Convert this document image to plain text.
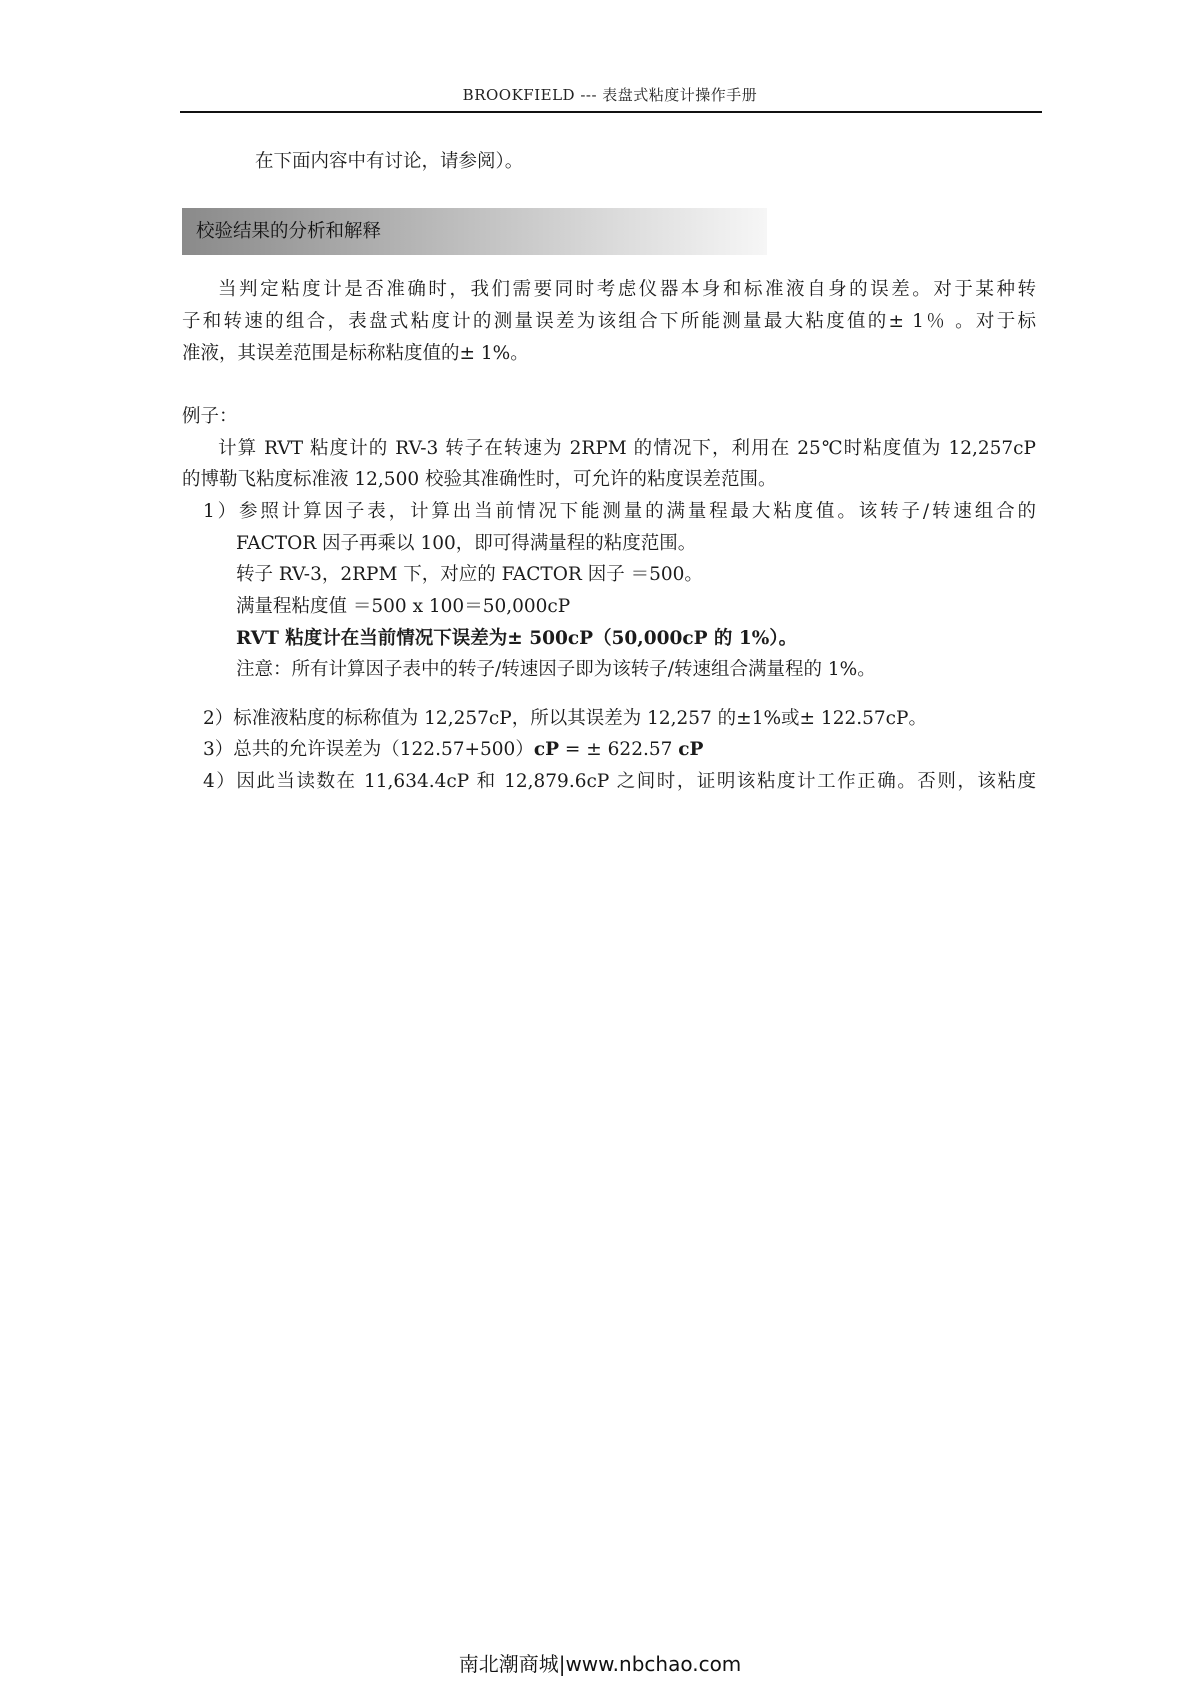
BROOKFIELD --- 表盘式粘度计操作手册
在下面内容中有讨论，请参阅）。
校验结果的分析和解释
当判定粘度计是否准确时，我们需要同时考虑仪器本身和标准液自身的误差。对于某种转
子和转速的组合，表盘式粘度计的测量误差为该组合下所能测量最大粘度值的± 1％ 。对于标
准液，其误差范围是标称粘度值的± 1%。
例子：
计算 RVT 粘度计的 RV-3 转子在转速为 2RPM 的情况下，利用在 25℃时粘度值为 12,257cP
的博勒飞粘度标准液 12,500 校验其准确性时，可允许的粘度误差范围。
1）参照计算因子表，计算出当前情况下能测量的满量程最大粘度值。该转子/转速组合的
FACTOR 因子再乘以 100，即可得满量程的粘度范围。
转子 RV-3，2RPM 下，对应的 FACTOR 因子 ＝500。
满量程粘度值 ＝500 x 100＝50,000cP
RVT 粘度计在当前情况下误差为± 500cP（50,000cP 的 1%）。
注意：所有计算因子表中的转子/转速因子即为该转子/转速组合满量程的 1%。
2）标准液粘度的标称值为 12,257cP，所以其误差为 12,257 的±1%或± 122.57cP。
3）总共的允许误差为（122.57+500）cP = ± 622.57 cP
4）因此当读数在 11,634.4cP 和 12,879.6cP 之间时，证明该粘度计工作正确。否则，该粘度
南北潮商城|www.nbchao.com
